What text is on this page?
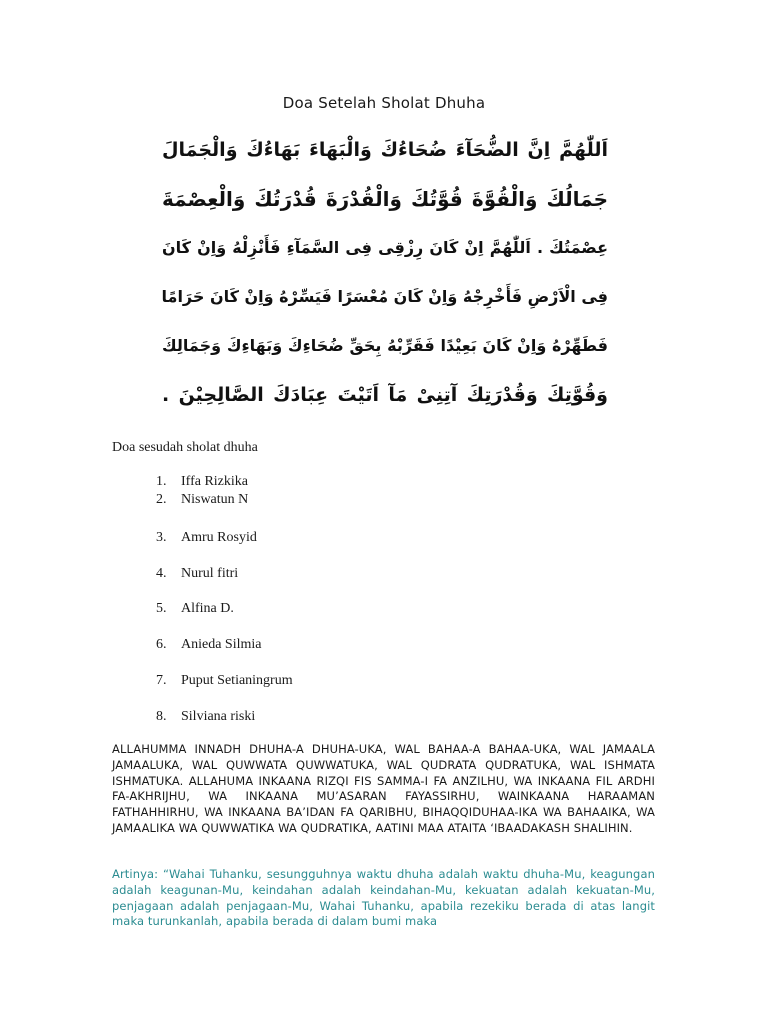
Doa Setelah Sholat Dhuha
اَللّٰهُمَّ اِنَّ الضُّحَآءَ ضُحَاءُكَ وَالْبَهَاءَ بَهَاءُكَ وَالْجَمَالَ
جَمَالُكَ وَالْقُوَّةَ قُوَّتُكَ وَالْقُدْرَةَ قُدْرَتُكَ وَالْعِصْمَةَ
عِصْمَتُكَ . اَللّٰهُمَّ اِنْ كَانَ رِزْقِى فِى السَّمَآءِ فَأَنْزِلْهُ وَاِنْ كَانَ
فِى الْاَرْضِ فَأَخْرِجْهُ وَاِنْ كَانَ مُعْسَرًا فَيَسِّرْهُ وَاِنْ كَانَ حَرَامًا
فَطَهِّرْهُ وَاِنْ كَانَ بَعِيْدًا فَقَرِّبْهُ بِحَقِّ ضُحَاءِكَ وَبَهَاءِكَ وَجَمَالِكَ
وَقُوَّتِكَ وَقُدْرَتِكَ آتِنِىْ مَآ اَتَيْتَ عِبَادَكَ الصَّالِحِيْنَ .
Doa sesudah sholat dhuha
1. Iffa Rizkika
2. Niswatun N
3. Amru Rosyid
4. Nurul fitri
5. Alfina D.
6. Anieda Silmia
7. Puput Setianingrum
8. Silviana riski

ALLAHUMMA INNADH DHUHA-A DHUHA-UKA, WAL BAHAA-A BAHAA-UKA, WAL JAMAALA JAMAALUKA, WAL QUWWATA QUWWATUKA, WAL QUDRATA QUDRATUKA, WAL ISHMATA ISHMATUKA. ALLAHUMA INKAANA RIZQI FIS SAMMA-I FA ANZILHU, WA INKAANA FIL ARDHI FA-AKHRIJHU, WA INKAANA MU’ASARAN FAYASSIRHU, WAINKAANA HARAAMAN FATHAHHIRHU, WA INKAANA BA’IDAN FA QARIBHU, BIHAQQIDUHAA-IKA WA BAHAAIKA, WA JAMAALIKA WA QUWWATIKA WA QUDRATIKA, AATINI MAA ATAITA ‘IBAADAKASH SHALIHIN.

Artinya: “Wahai Tuhanku, sesungguhnya waktu dhuha adalah waktu dhuha-Mu, keagungan adalah keagunan-Mu, keindahan adalah keindahan-Mu, kekuatan adalah kekuatan-Mu, penjagaan adalah penjagaan-Mu, Wahai Tuhanku, apabila rezekiku berada di atas langit maka turunkanlah, apabila berada di dalam bumi maka
